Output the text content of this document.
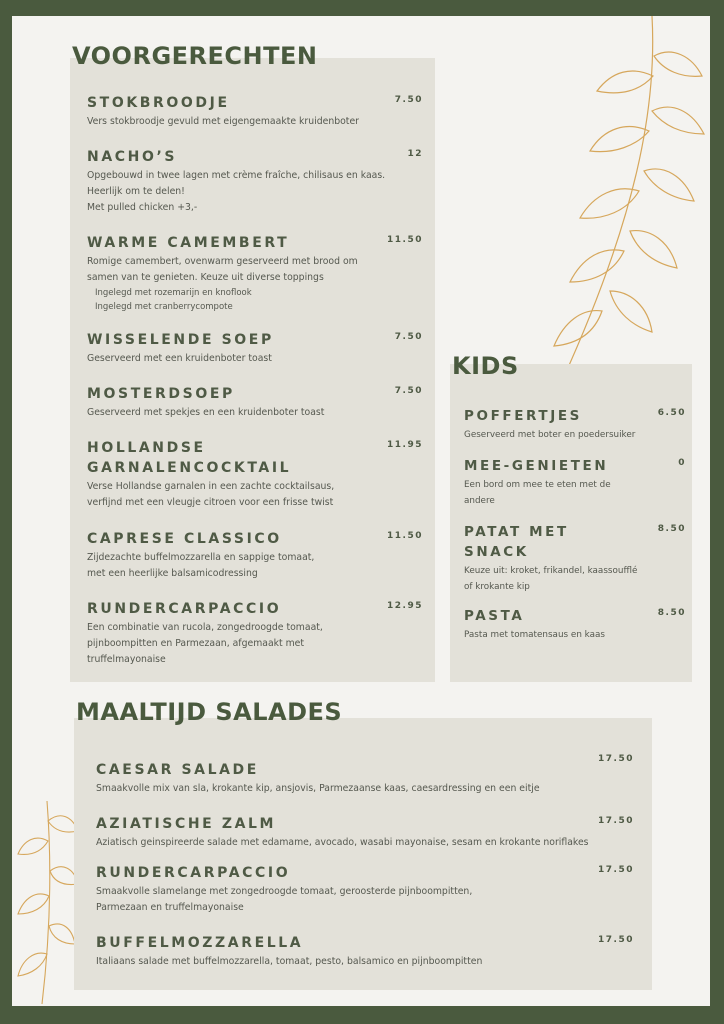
VOORGERECHTEN
STOKBROODJE	7.50
Vers stokbroodje gevuld met eigengemaakte kruidenboter
NACHO’S	12
Opgebouwd in twee lagen met crème fraîche, chilisaus en kaas.
Heerlijk om te delen!
Met pulled chicken +3,-
WARME CAMEMBERT	11.50
Romige camembert, ovenwarm geserveerd met brood om
samen van te genieten. Keuze uit diverse toppings
Ingelegd met rozemarijn en knoflook
Ingelegd met cranberrycompote
WISSELENDE SOEP	7.50
Geserveerd met een kruidenboter toast
MOSTERDSOEP	7.50
Geserveerd met spekjes en een kruidenboter toast
HOLLANDSE GARNALENCOCKTAIL
11.95
Verse Hollandse garnalen in een zachte cocktailsaus,
verfijnd met een vleugje citroen voor een frisse twist
CAPRESE CLASSICO	11.50
Zijdezachte buffelmozzarella en sappige tomaat,
met een heerlijke balsamicodressing
RUNDERCARPACCIO	12.95
Een combinatie van rucola, zongedroogde tomaat,
pijnboompitten en Parmezaan, afgemaakt met
truffelmayonaise
KIDS
POFFERTJES	6.50
Geserveerd met boter en poedersuiker
MEE-GENIETEN	0
Een bord om mee te eten met de
andere
PATAT MET SNACK
8.50
Keuze uit: kroket, frikandel, kaassoufflé
of krokante kip
PASTA	8.50
Pasta met tomatensaus en kaas
MAALTIJD SALADES
CAESAR SALADE
17.50
Smaakvolle mix van sla, krokante kip, ansjovis, Parmezaanse kaas, caesardressing en een eitje
AZIATISCHE ZALM	17.50
Aziatisch geinspireerde salade met edamame, avocado, wasabi mayonaise, sesam en krokante noriflakes
RUNDERCARPACCIO	17.50
Smaakvolle slamelange met zongedroogde tomaat, geroosterde pijnboompitten,
Parmezaan en truffelmayonaise
BUFFELMOZZARELLA	17.50
Italiaans salade met buffelmozzarella, tomaat, pesto, balsamico en pijnboompitten
